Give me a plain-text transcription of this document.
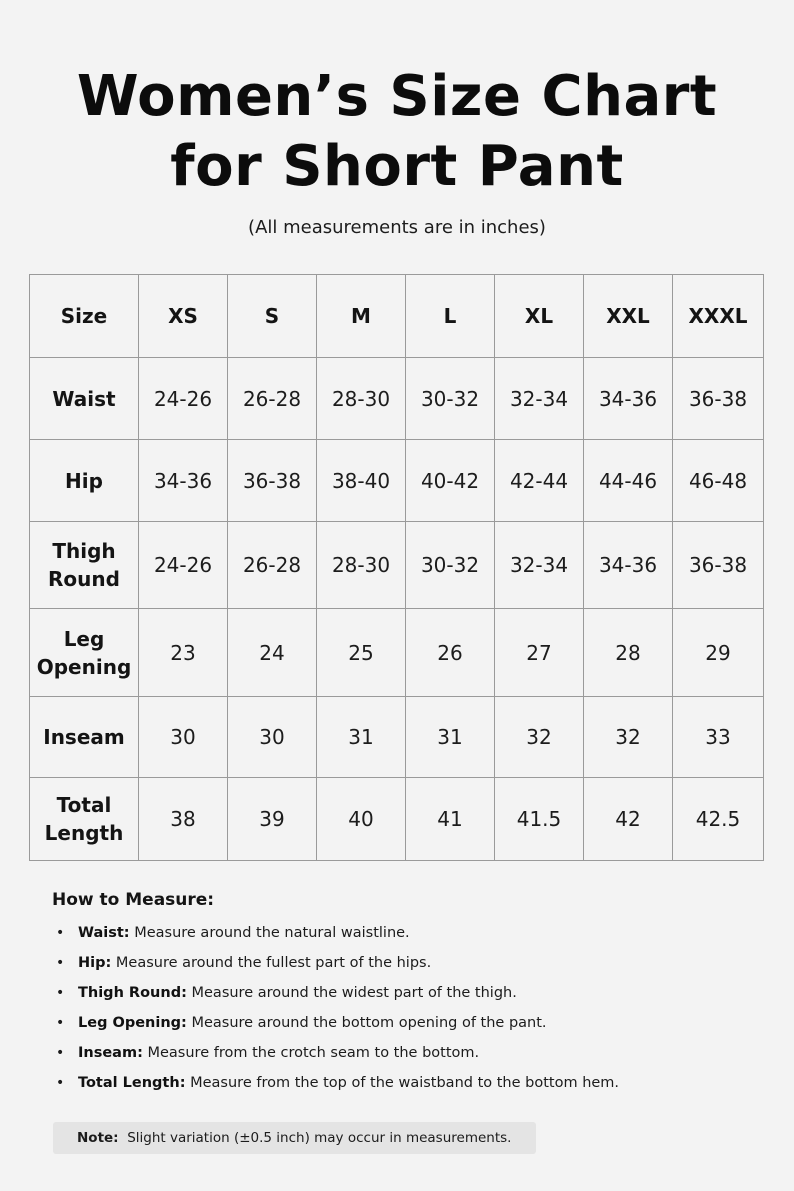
Women’s Size Chart
for Short Pant
(All measurements are in inches)
Size	XS	S	M	L	XL	XXL	XXXL

Waist	24-26	26-28	28-30	30-32	32-34	34-36	36-38

Hip	34-36	36-38	38-40	40-42	42-44	44-46	46-48

Thigh
Round	24-26	26-28	28-30	30-32	32-34	34-36	36-38

Leg
Opening	23	24	25	26	27	28	29

Inseam	30	30	31	31	32	32	33

Total
Length	38	39	40	41	41.5	42	42.5
How to Measure:
• Waist: Measure around the natural waistline.
• Hip: Measure around the fullest part of the hips.
• Thigh Round: Measure around the widest part of the thigh.
• Leg Opening: Measure around the bottom opening of the pant.
• Inseam: Measure from the crotch seam to the bottom.
• Total Length: Measure from the top of the waistband to the bottom hem.
Note: Slight variation (±0.5 inch) may occur in measurements.
